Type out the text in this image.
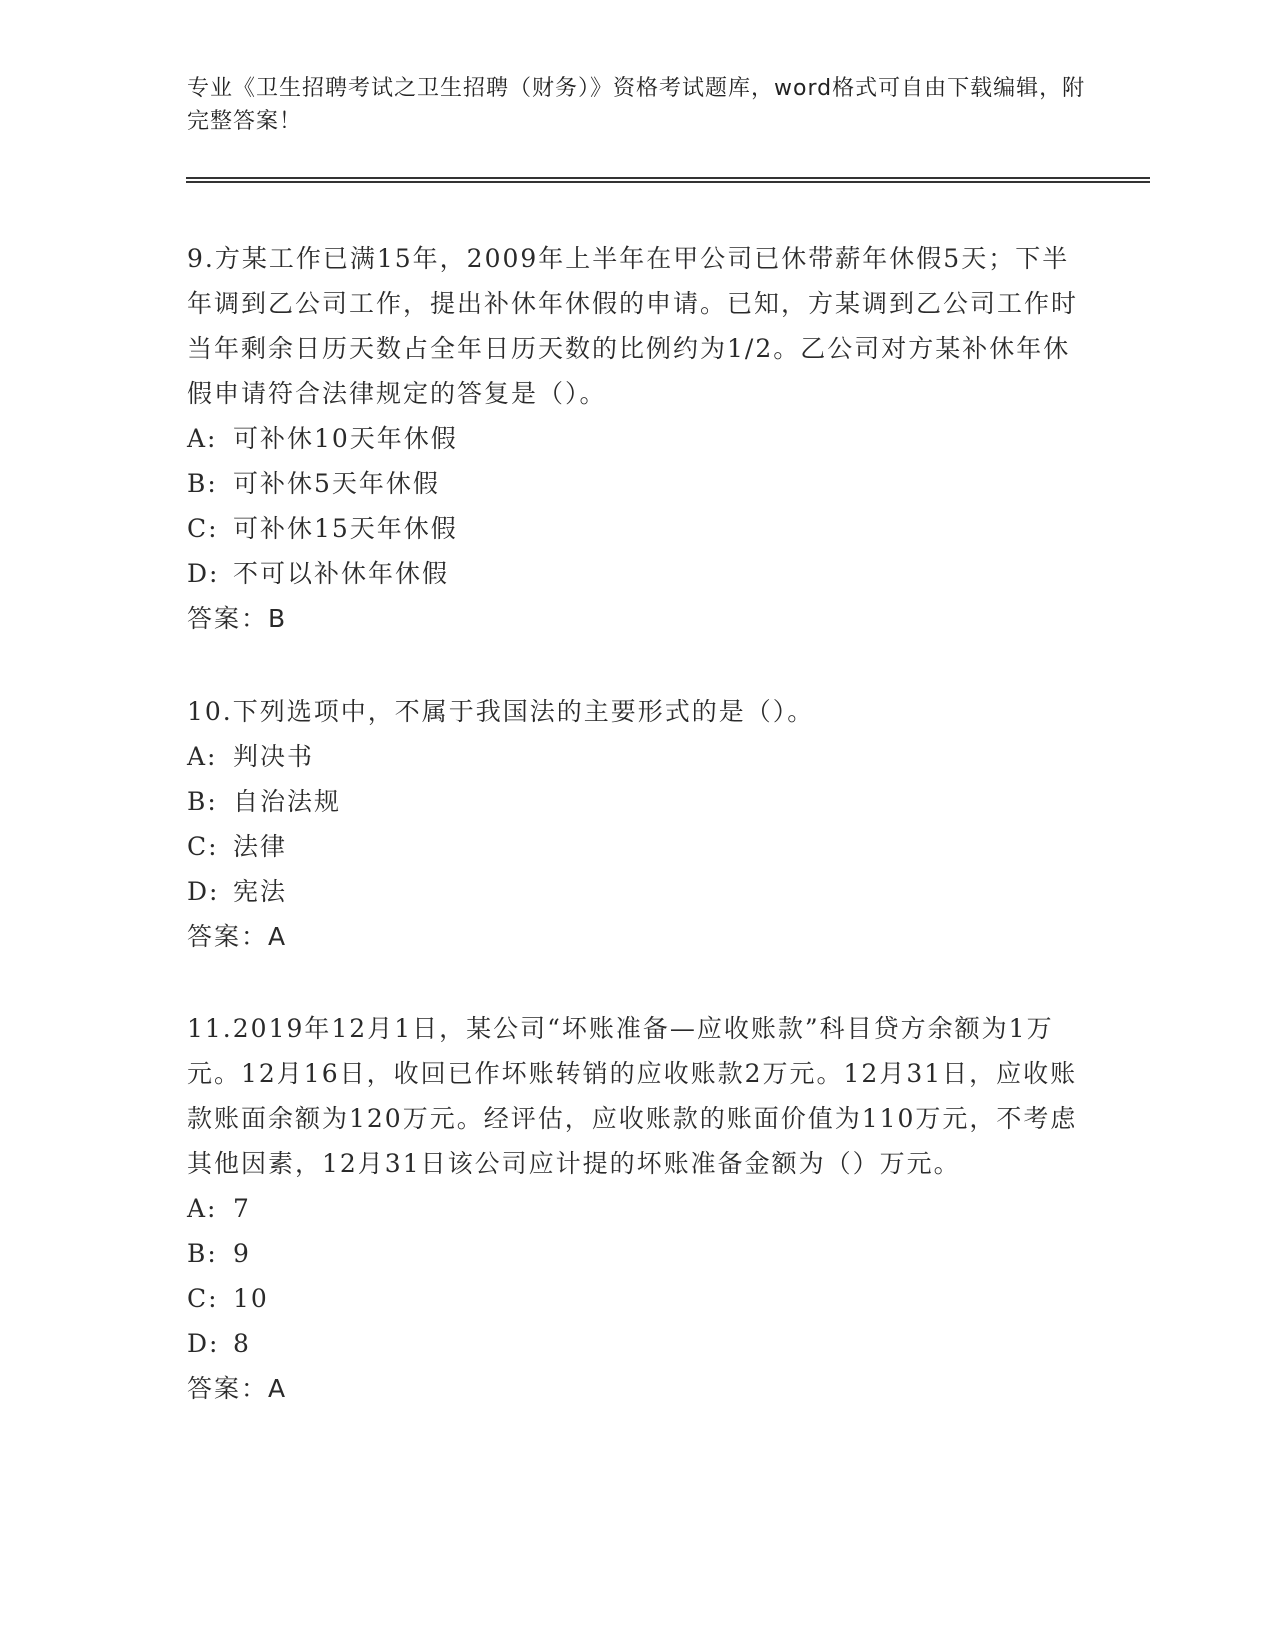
专业《卫生招聘考试之卫生招聘（财务）》资格考试题库，word格式可自由下载编辑，附完整答案！

9.方某工作已满15年，2009年上半年在甲公司已休带薪年休假5天；下半年调到乙公司工作，提出补休年休假的申请。已知，方某调到乙公司工作时当年剩余日历天数占全年日历天数的比例约为1/2。乙公司对方某补休年休假申请符合法律规定的答复是（）。

A: 可补休10天年休假
B: 可补休5天年休假
C: 可补休15天年休假
D: 不可以补休年休假

答案：B

10.下列选项中，不属于我国法的主要形式的是（）。

A: 判决书
B: 自治法规
C: 法律
D: 宪法

答案：A

11.2019年12月1日，某公司“坏账准备—应收账款”科目贷方余额为1万元。12月16日，收回已作坏账转销的应收账款2万元。12月31日，应收账款账面余额为120万元。经评估，应收账款的账面价值为110万元，不考虑其他因素，12月31日该公司应计提的坏账准备金额为（）万元。

A: 7
B: 9
C: 10
D: 8

答案：A
